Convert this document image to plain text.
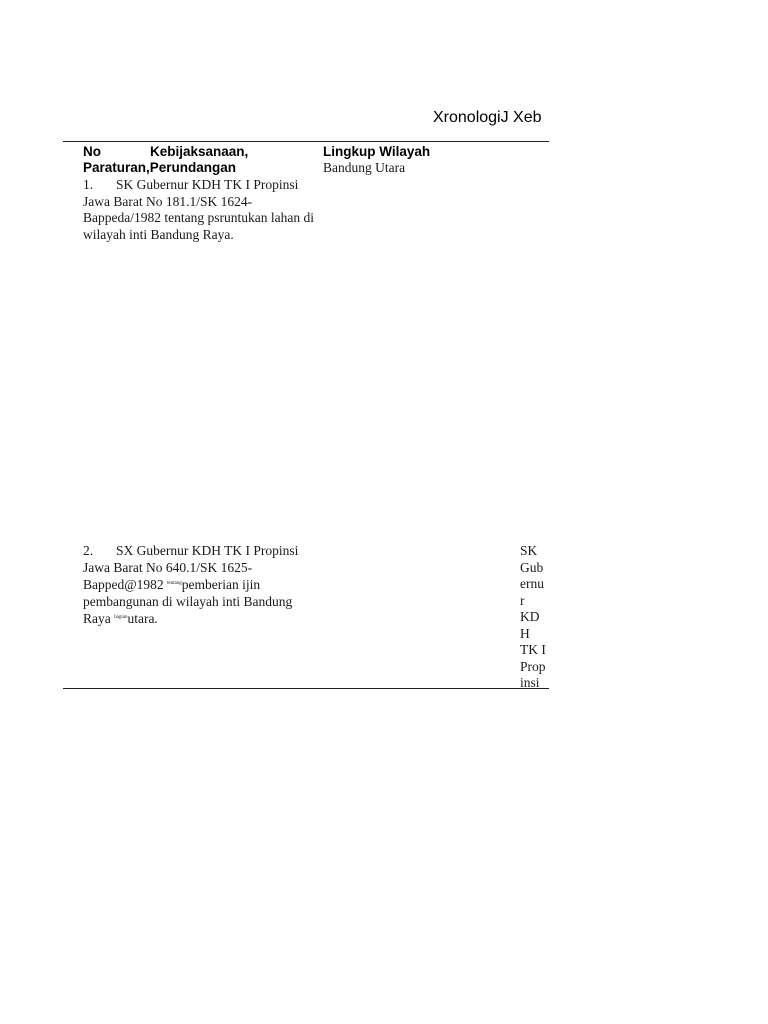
XronologiJ Xeb
No	Kebijaksanaan,
Paraturan,Perundangan
Lingkup Wilayah
Bandung Utara
1. SK Gubernur KDH TK I Propinsi Jawa Barat No 181.1/SK 1624-Bappeda/1982 tentang psruntukan lahan di wilayah inti Bandung Raya.
2. SX Gubernur KDH TK I Propinsi Jawa Barat No 640.1/SK 1625-Bapped@1982 $^{tentang}$pemberian ijin pembangunan di wilayah inti Bandung Raya $^{bagian}$utara.
SK
Gub
ernu
r
KD
H
TK I
Prop
insi
